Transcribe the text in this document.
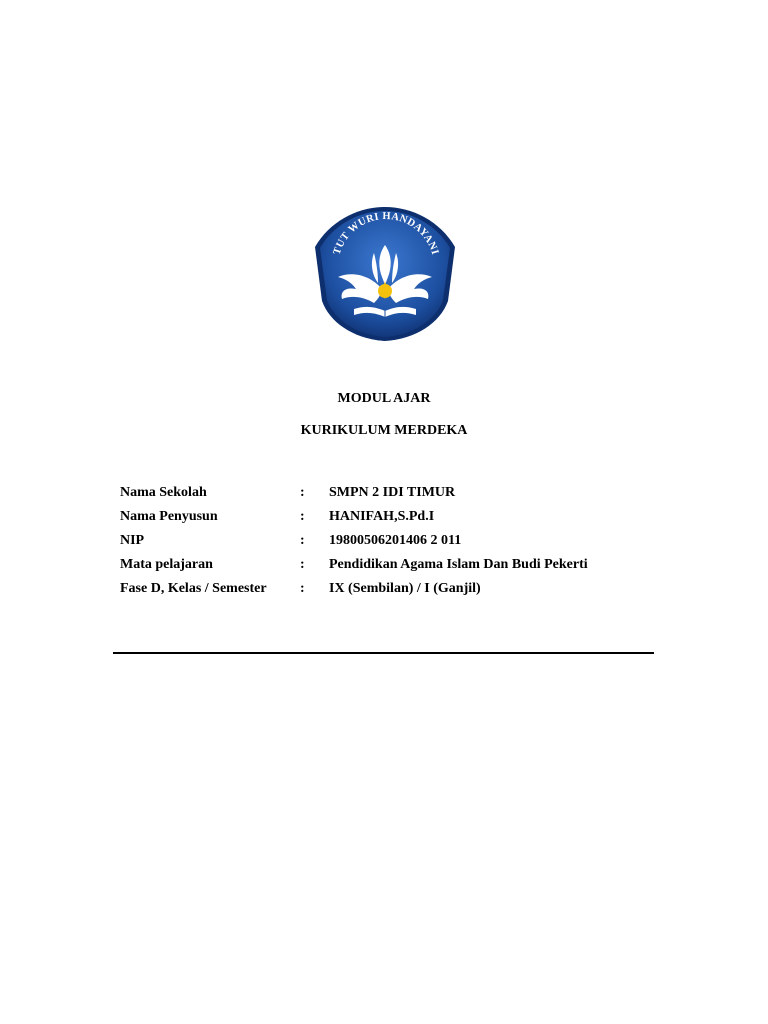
TUT WURI HANDAYANI
MODUL AJAR
KURIKULUM MERDEKA
Nama Sekolah	: SMPN 2 IDI TIMUR
Nama Penyusun	: HANIFAH,S.Pd.I
NIP	: 19800506201406 2 011
Mata pelajaran	: Pendidikan Agama Islam Dan Budi Pekerti
Fase D, Kelas / Semester : IX (Sembilan) / I (Ganjil)
